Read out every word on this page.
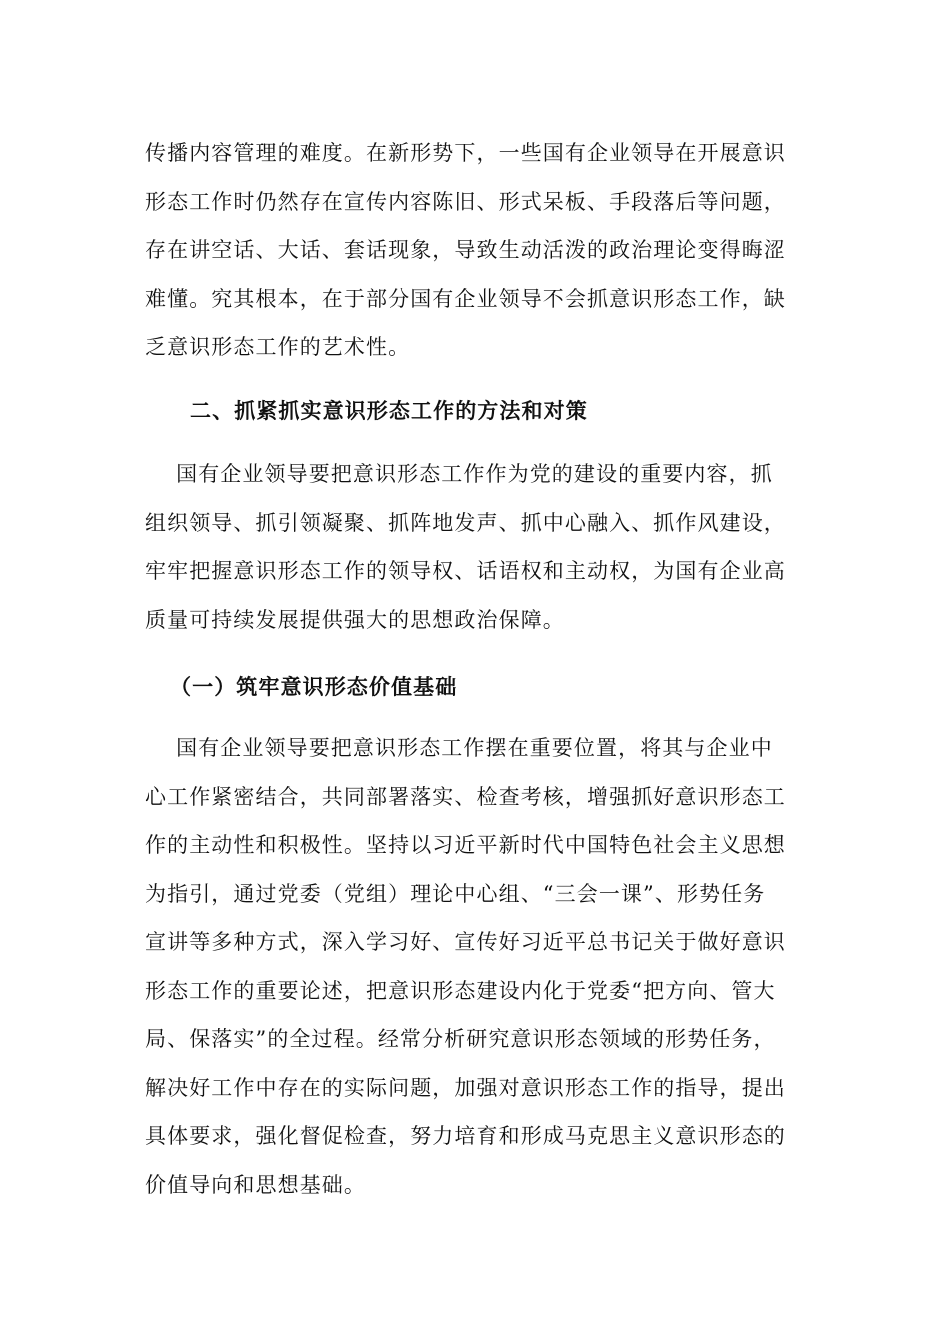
传播内容管理的难度。在新形势下，一些国有企业领导在开展意识
形态工作时仍然存在宣传内容陈旧、形式呆板、手段落后等问题，
存在讲空话、大话、套话现象，导致生动活泼的政治理论变得晦涩
难懂。究其根本，在于部分国有企业领导不会抓意识形态工作，缺
乏意识形态工作的艺术性。
二、抓紧抓实意识形态工作的方法和对策
国有企业领导要把意识形态工作作为党的建设的重要内容，抓
组织领导、抓引领凝聚、抓阵地发声、抓中心融入、抓作风建设，
牢牢把握意识形态工作的领导权、话语权和主动权，为国有企业高
质量可持续发展提供强大的思想政治保障。
（一）筑牢意识形态价值基础
国有企业领导要把意识形态工作摆在重要位置，将其与企业中
心工作紧密结合，共同部署落实、检查考核，增强抓好意识形态工
作的主动性和积极性。坚持以习近平新时代中国特色社会主义思想
为指引，通过党委（党组）理论中心组、“三会一课”、形势任务
宣讲等多种方式，深入学习好、宣传好习近平总书记关于做好意识
形态工作的重要论述，把意识形态建设内化于党委“把方向、管大
局、保落实”的全过程。经常分析研究意识形态领域的形势任务，
解决好工作中存在的实际问题，加强对意识形态工作的指导，提出
具体要求，强化督促检查，努力培育和形成马克思主义意识形态的
价值导向和思想基础。
